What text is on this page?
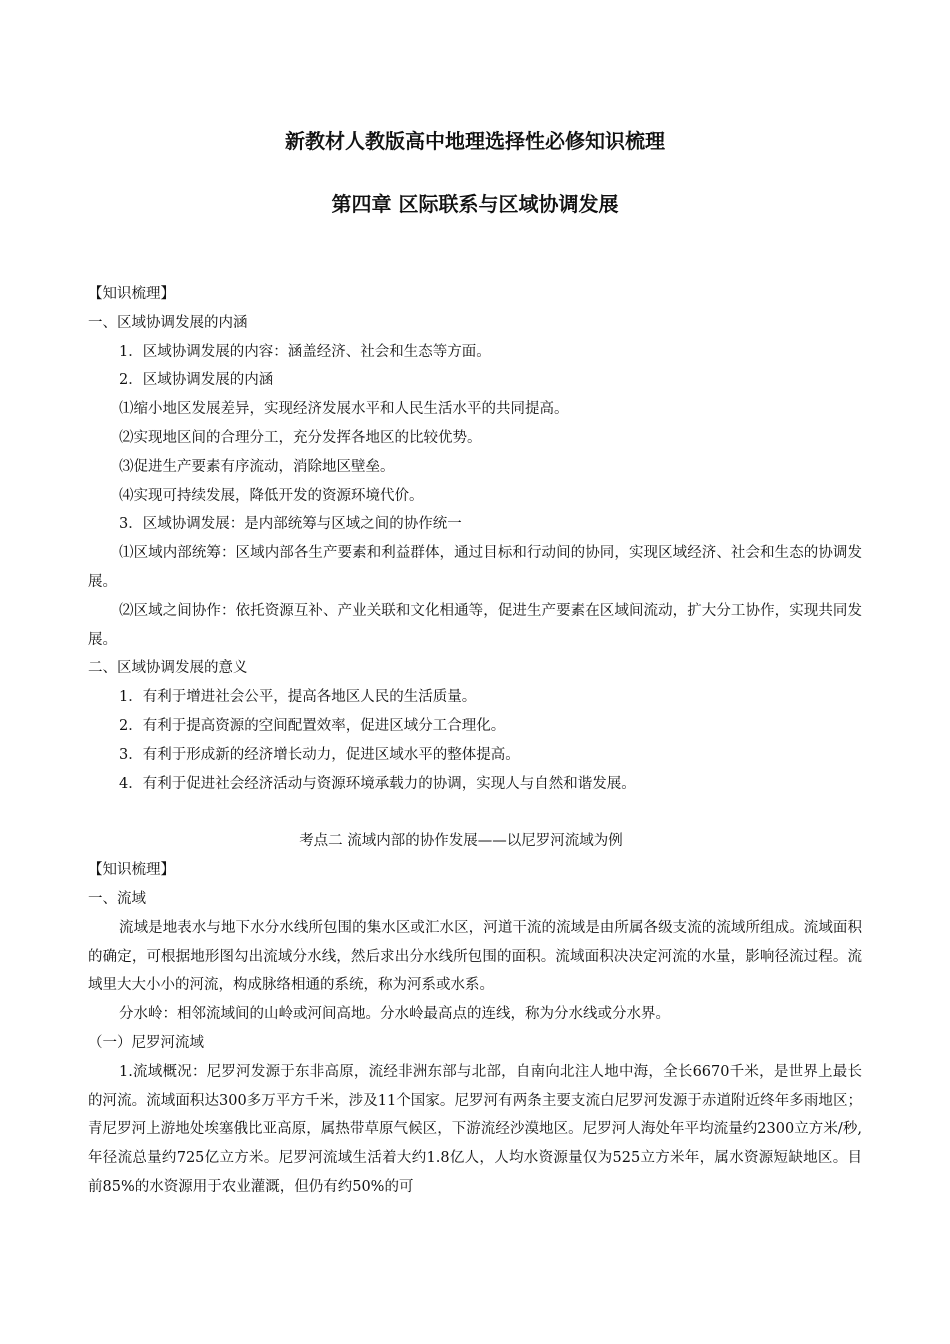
新教材人教版高中地理选择性必修知识梳理
第四章 区际联系与区域协调发展

【知识梳理】

一、区域协调发展的内涵

1．区域协调发展的内容：涵盖经济、社会和生态等方面。

2．区域协调发展的内涵

⑴缩小地区发展差异，实现经济发展水平和人民生活水平的共同提高。

⑵实现地区间的合理分工，充分发挥各地区的比较优势。

⑶促进生产要素有序流动，消除地区壁垒。

⑷实现可持续发展，降低开发的资源环境代价。

3．区域协调发展：是内部统筹与区域之间的协作统一

⑴区域内部统筹：区域内部各生产要素和利益群体，通过目标和行动间的协同，实现区域经济、社会和生态的协调发展。

⑵区域之间协作：依托资源互补、产业关联和文化相通等，促进生产要素在区域间流动，扩大分工协作，实现共同发展。

二、区域协调发展的意义

1．有利于增进社会公平，提高各地区人民的生活质量。

2．有利于提高资源的空间配置效率，促进区域分工合理化。

3．有利于形成新的经济增长动力，促进区域水平的整体提高。

4．有利于促进社会经济活动与资源环境承载力的协调，实现人与自然和谐发展。

考点二 流域内部的协作发展——以尼罗河流域为例

【知识梳理】

一、流域

流域是地表水与地下水分水线所包围的集水区或汇水区，河道干流的流域是由所属各级支流的流域所组成。流域面积的确定，可根据地形图勾出流域分水线，然后求出分水线所包围的面积。流域面积决决定河流的水量，影响径流过程。流域里大大小小的河流，构成脉络相通的系统，称为河系或水系。

分水岭：相邻流域间的山岭或河间高地。分水岭最高点的连线，称为分水线或分水界。

（一）尼罗河流域

1.流域概况：尼罗河发源于东非高原，流经非洲东部与北部，自南向北注人地中海，全长6670千米，是世界上最长的河流。流域面积达300多万平方千米，涉及11个国家。尼罗河有两条主要支流白尼罗河发源于赤道附近终年多雨地区；青尼罗河上游地处埃塞俄比亚高原，属热带草原气候区，下游流经沙漠地区。尼罗河人海处年平均流量约2300立方米/秒,年径流总量约725亿立方米。尼罗河流域生活着大约1.8亿人，人均水资源量仅为525立方米年，属水资源短缺地区。目前85%的水资源用于农业灌溉，但仍有约50%的可
